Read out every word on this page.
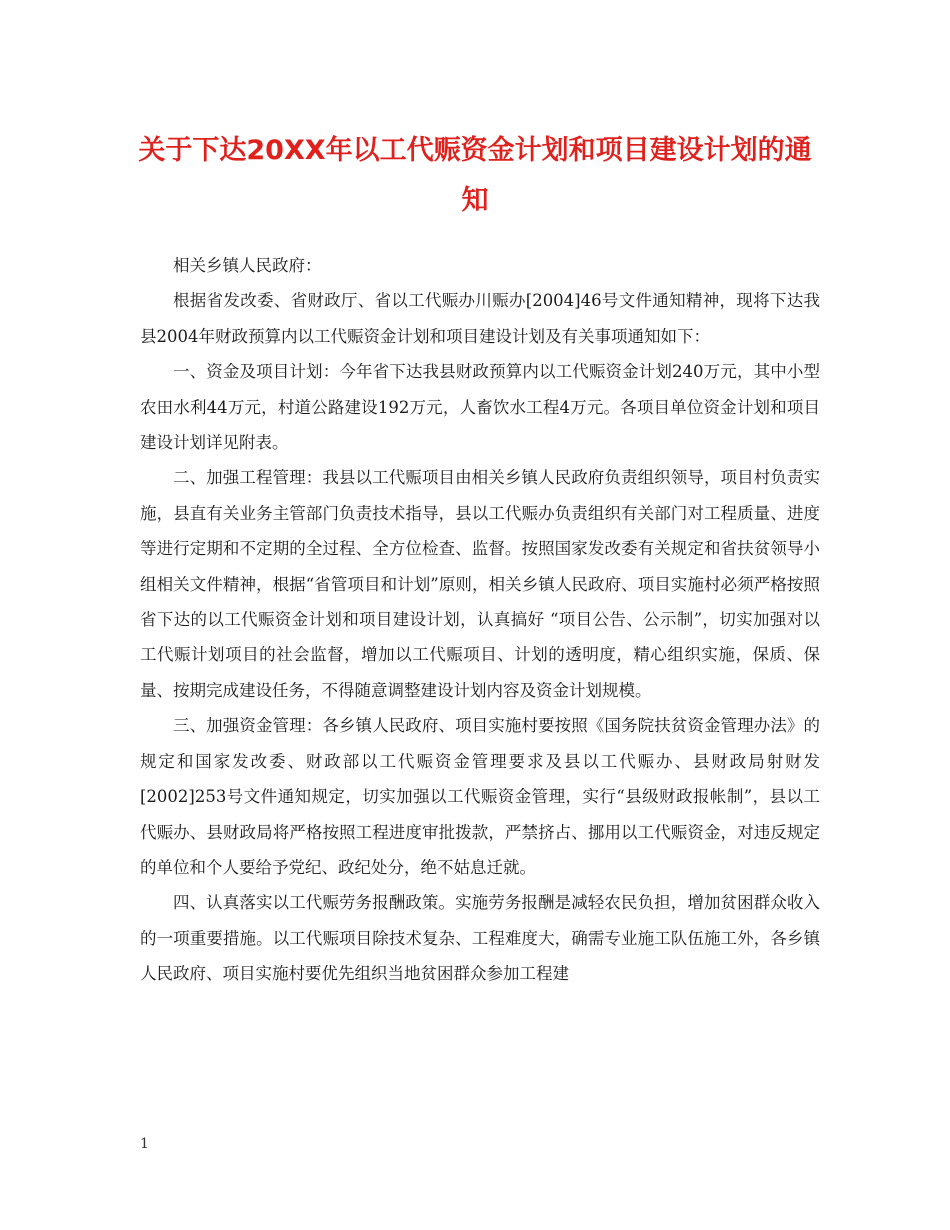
关于下达20XX年以工代赈资金计划和项目建设计划的通知

相关乡镇人民政府：

根据省发改委、省财政厅、省以工代赈办川赈办[2004]46号文件通知精神，现将下达我县2004年财政预算内以工代赈资金计划和项目建设计划及有关事项通知如下：

一、资金及项目计划：今年省下达我县财政预算内以工代赈资金计划240万元，其中小型农田水利44万元，村道公路建设192万元，人畜饮水工程4万元。各项目单位资金计划和项目建设计划详见附表。

二、加强工程管理：我县以工代赈项目由相关乡镇人民政府负责组织领导，项目村负责实施，县直有关业务主管部门负责技术指导，县以工代赈办负责组织有关部门对工程质量、进度等进行定期和不定期的全过程、全方位检查、监督。按照国家发改委有关规定和省扶贫领导小组相关文件精神，根据“省管项目和计划”原则，相关乡镇人民政府、项目实施村必须严格按照省下达的以工代赈资金计划和项目建设计划，认真搞好 “项目公告、公示制”，切实加强对以工代赈计划项目的社会监督，增加以工代赈项目、计划的透明度，精心组织实施，保质、保量、按期完成建设任务，不得随意调整建设计划内容及资金计划规模。

三、加强资金管理：各乡镇人民政府、项目实施村要按照《国务院扶贫资金管理办法》的规定和国家发改委、财政部以工代赈资金管理要求及县以工代赈办、县财政局射财发[2002]253号文件通知规定，切实加强以工代赈资金管理，实行“县级财政报帐制”，县以工代赈办、县财政局将严格按照工程进度审批拨款，严禁挤占、挪用以工代赈资金，对违反规定的单位和个人要给予党纪、政纪处分，绝不姑息迁就。

四、认真落实以工代赈劳务报酬政策。实施劳务报酬是减轻农民负担，增加贫困群众收入的一项重要措施。以工代赈项目除技术复杂、工程难度大，确需专业施工队伍施工外，各乡镇人民政府、项目实施村要优先组织当地贫困群众参加工程建

1
